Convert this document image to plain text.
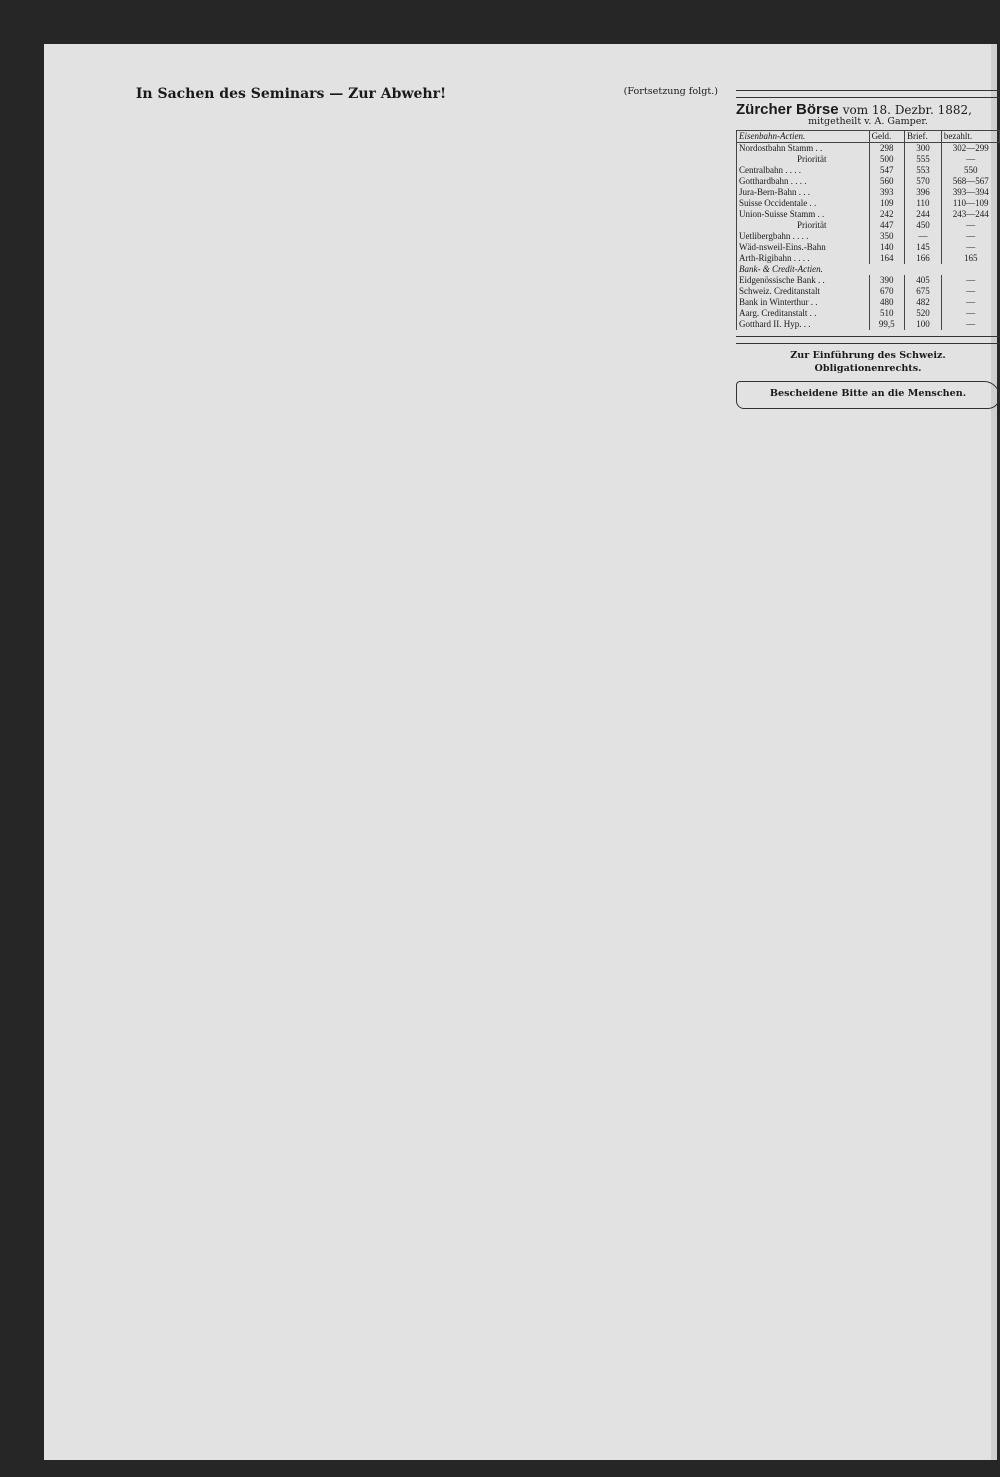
In Sachen des Seminars — Zur Abwehr!	(Fortsetzung folgt.)
Zürcher Börse vom 18. Dezbr. 1882,
mitgetheilt v. A. Gamper.
Eisenbahn-Actien.	Geld.	Brief.	bezahlt.
Nordostbahn Stamm . .	298	300	302—299
Priorität	500	555	—
Centralbahn . . . .	547	553	550
Gotthardbahn . . . .	560	570	568—567
Jura-Bern-Bahn . . .	393	396	393—394
Suisse Occidentale . .	109	110	110—109
Union-Suisse Stamm . .	242	244	243—244
Priorität	447	450	—
Uetlibergbahn . . . .	350	—	—
Wäd-nsweil-Eins.-Bahn	140	145	—
Arth-Rigibahn . . . .	164	166	165
Bank- & Credit-Actien.			
Eidgenössische Bank . .	390	405	—
Schweiz. Creditanstalt	670	675	—
Bank in Winterthur . .	480	482	—
Aarg. Creditanstalt . .	510	520	—
Gotthard II. Hyp. . .	99,5	100	—
Zur Einführung des Schweiz. Obligationenrechts.
Bescheidene Bitte an die Menschen.
